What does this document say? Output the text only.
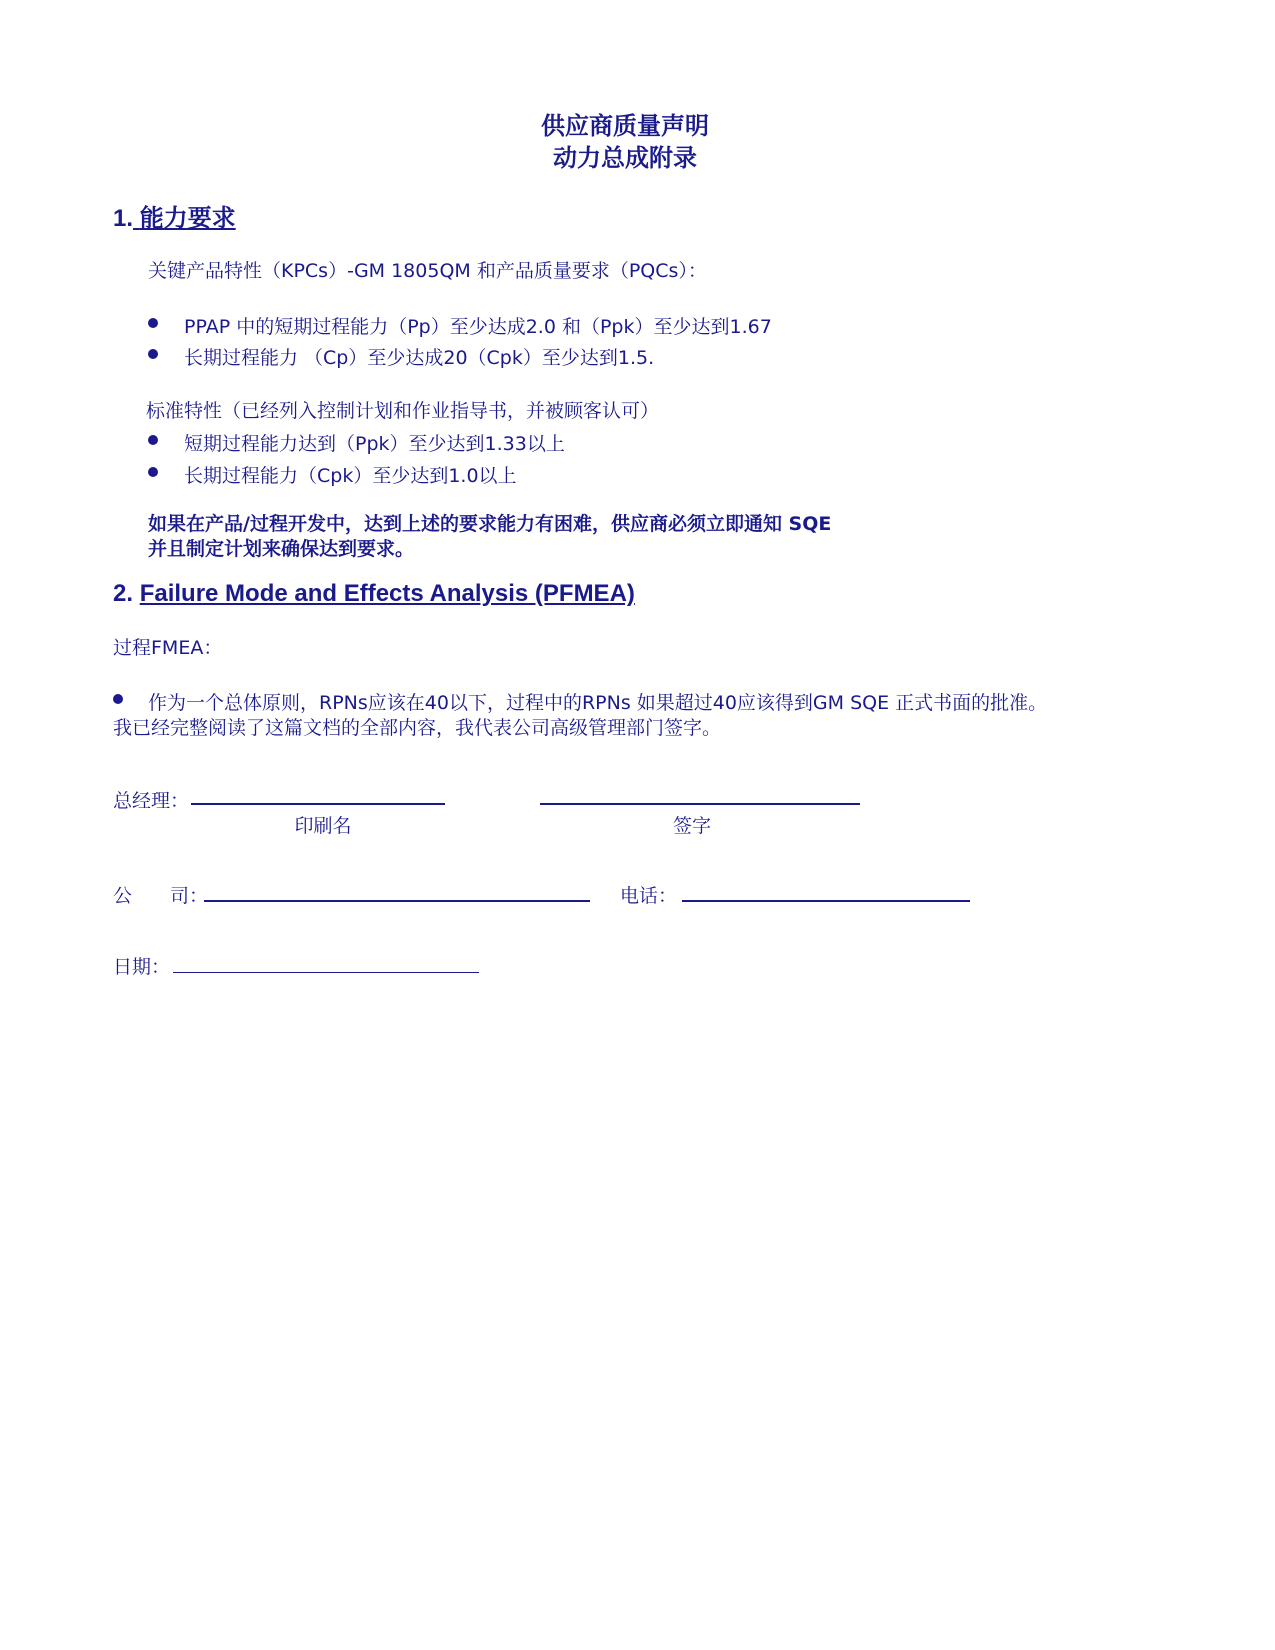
供应商质量声明
动力总成附录
1. 能力要求
关键产品特性（KPCs）-GM 1805QM 和产品质量要求（PQCs）：
PPAP 中的短期过程能力（Pp）至少达成2.0 和（Ppk）至少达到1.67
长期过程能力 （Cp）至少达成20（Cpk）至少达到1.5.
标准特性（已经列入控制计划和作业指导书，并被顾客认可）
短期过程能力达到（Ppk）至少达到1.33以上
长期过程能力（Cpk）至少达到1.0以上
如果在产品/过程开发中，达到上述的要求能力有困难，供应商必须立即通知 SQE
并且制定计划来确保达到要求。
2. Failure Mode and Effects Analysis (PFMEA)
过程FMEA：
作为一个总体原则，RPNs应该在40以下，过程中的RPNs 如果超过40应该得到GM SQE 正式书面的批准。
我已经完整阅读了这篇文档的全部内容，我代表公司高级管理部门签字。
总经理：
印刷名	签字
公　　司：	电话：
日期：
